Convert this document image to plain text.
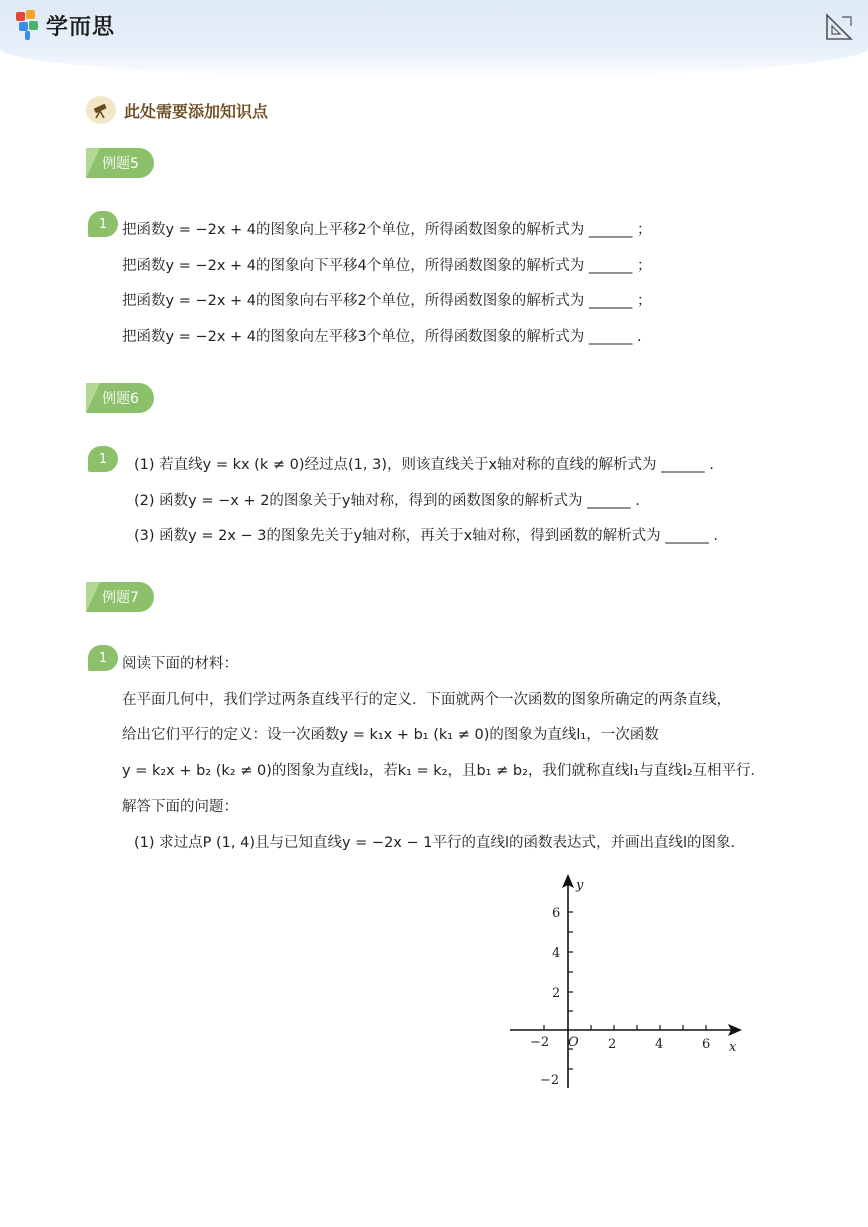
学而思
此处需要添加知识点
例题5
1	把函数y = −2x + 4的图象向上平移2个单位，所得函数图象的解析式为 ______ ；
把函数y = −2x + 4的图象向下平移4个单位，所得函数图象的解析式为 ______ ；
把函数y = −2x + 4的图象向右平移2个单位，所得函数图象的解析式为 ______ ；
把函数y = −2x + 4的图象向左平移3个单位，所得函数图象的解析式为 ______ .
例题6
1	(1) 若直线y = kx (k ≠ 0)经过点(1, 3)，则该直线关于x轴对称的直线的解析式为 ______ .
(2) 函数y = −x + 2的图象关于y轴对称，得到的函数图象的解析式为 ______ .
(3) 函数y = 2x − 3的图象先关于y轴对称，再关于x轴对称，得到函数的解析式为 ______ .
例题7
1	阅读下面的材料：
在平面几何中，我们学过两条直线平行的定义．下面就两个一次函数的图象所确定的两条直线，
给出它们平行的定义：设一次函数y = k₁x + b₁ (k₁ ≠ 0)的图象为直线l₁，一次函数
y = k₂x + b₂ (k₂ ≠ 0)的图象为直线l₂，若k₁ = k₂，且b₁ ≠ b₂，我们就称直线l₁与直线l₂互相平行．
解答下面的问题：
(1) 求过点P (1, 4)且与已知直线y = −2x − 1平行的直线l的函数表达式，并画出直线l的图象.
−2	2	4	6
6
4
2
−2
O	x
y
